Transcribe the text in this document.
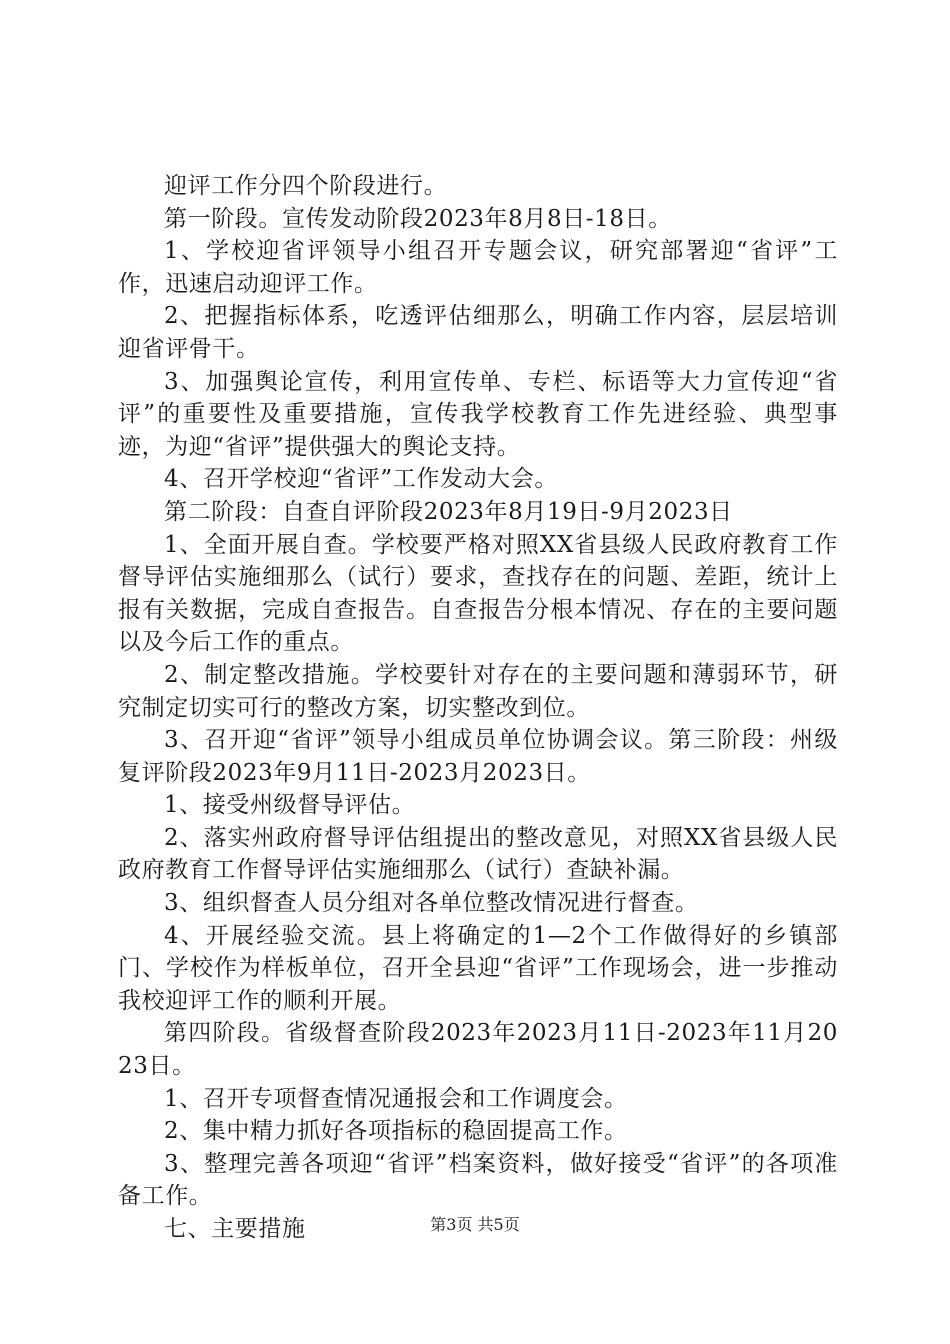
迎评工作分四个阶段进行。

第一阶段。宣传发动阶段2023年8月8日-18日。

1、学校迎省评领导小组召开专题会议，研究部署迎“省评”工作，迅速启动迎评工作。

2、把握指标体系，吃透评估细那么，明确工作内容，层层培训迎省评骨干。

3、加强舆论宣传，利用宣传单、专栏、标语等大力宣传迎“省评”的重要性及重要措施，宣传我学校教育工作先进经验、典型事迹，为迎“省评”提供强大的舆论支持。

4、召开学校迎“省评”工作发动大会。

第二阶段：自查自评阶段2023年8月19日-9月2023日

1、全面开展自查。学校要严格对照XX省县级人民政府教育工作督导评估实施细那么（试行）要求，查找存在的问题、差距，统计上报有关数据，完成自查报告。自查报告分根本情况、存在的主要问题以及今后工作的重点。

2、制定整改措施。学校要针对存在的主要问题和薄弱环节，研究制定切实可行的整改方案，切实整改到位。

3、召开迎“省评”领导小组成员单位协调会议。第三阶段：州级复评阶段2023年9月11日-2023月2023日。

1、接受州级督导评估。

2、落实州政府督导评估组提出的整改意见，对照XX省县级人民政府教育工作督导评估实施细那么（试行）查缺补漏。

3、组织督查人员分组对各单位整改情况进行督查。

4、开展经验交流。县上将确定的1—2个工作做得好的乡镇部门、学校作为样板单位，召开全县迎“省评”工作现场会，进一步推动我校迎评工作的顺利开展。

第四阶段。省级督查阶段2023年2023月11日-2023年11月2023日。

1、召开专项督查情况通报会和工作调度会。

2、集中精力抓好各项指标的稳固提高工作。

3、整理完善各项迎“省评”档案资料，做好接受“省评”的各项准备工作。

七、主要措施	第3页 共5页
